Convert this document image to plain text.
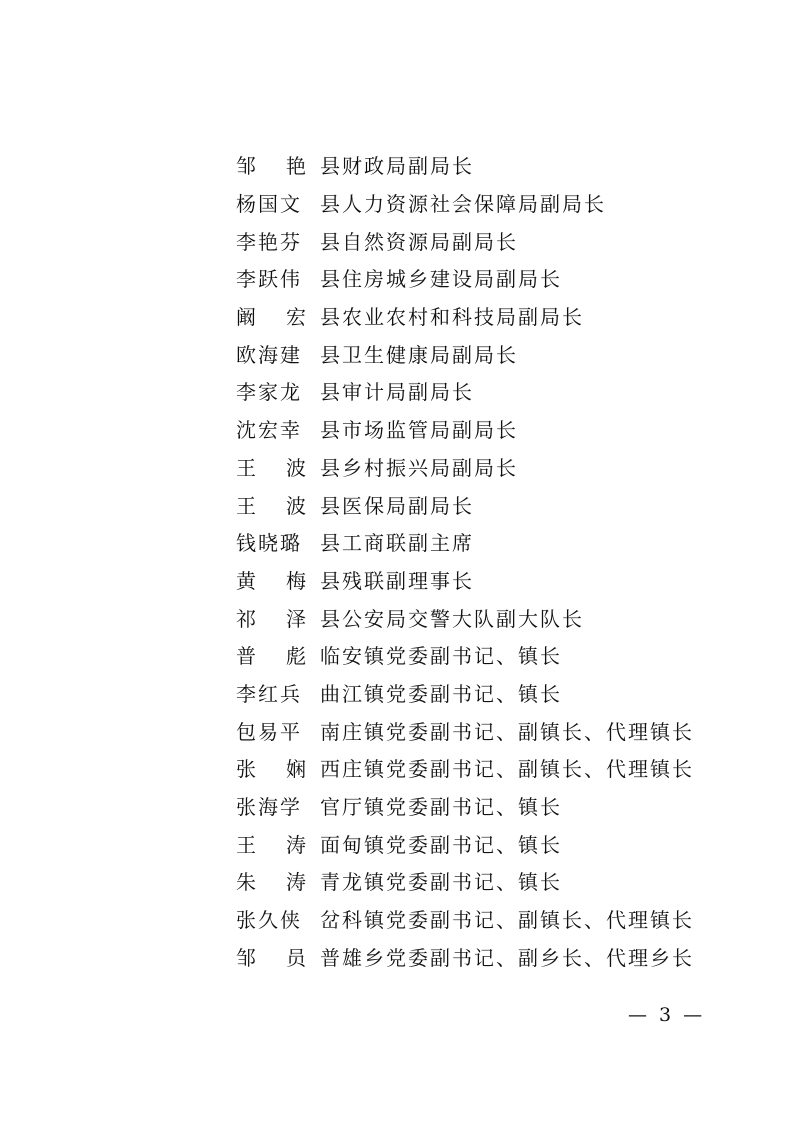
邹 艳 县财政局副局长
杨国文 县人力资源社会保障局副局长
李艳芬 县自然资源局副局长
李跃伟 县住房城乡建设局副局长
阚 宏 县农业农村和科技局副局长
欧海建 县卫生健康局副局长
李家龙 县审计局副局长
沈宏幸 县市场监管局副局长
王 波 县乡村振兴局副局长
王 波 县医保局副局长
钱晓璐 县工商联副主席
黄 梅 县残联副理事长
祁 泽 县公安局交警大队副大队长
普 彪 临安镇党委副书记、镇长
李红兵 曲江镇党委副书记、镇长
包易平 南庄镇党委副书记、副镇长、代理镇长
张 娴 西庄镇党委副书记、副镇长、代理镇长
张海学 官厅镇党委副书记、镇长
王 涛 面甸镇党委副书记、镇长
朱 涛 青龙镇党委副书记、镇长
张久侠 岔科镇党委副书记、副镇长、代理镇长
邹 员 普雄乡党委副书记、副乡长、代理乡长
— 3 —
